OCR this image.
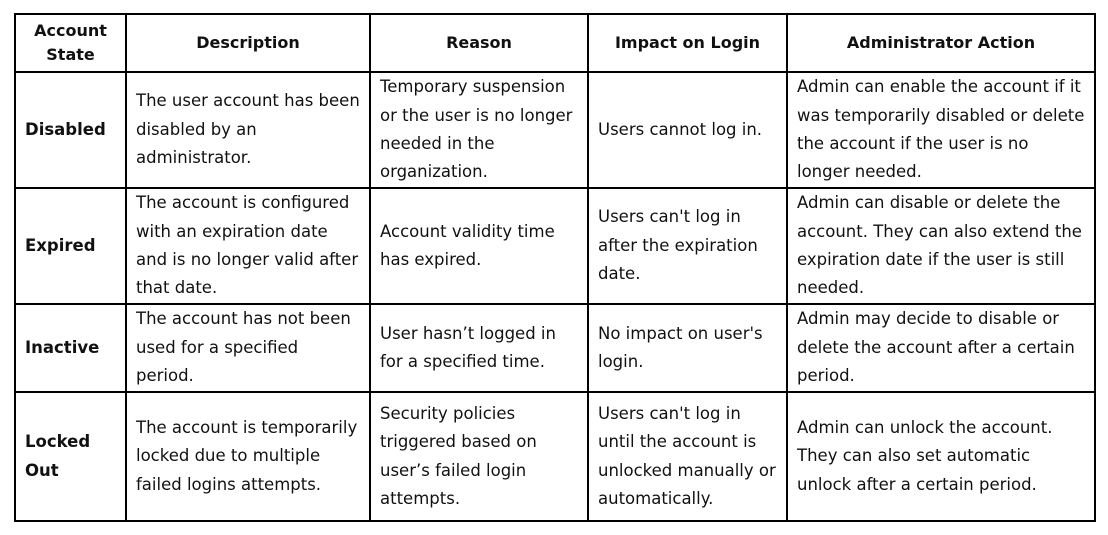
Account State	Description	Reason	Impact on Login	Administrator Action
Disabled	The user account has been disabled by an administrator.	Temporary suspension or the user is no longer needed in the organization.	Users cannot log in.	Admin can enable the account if it was temporarily disabled or delete the account if the user is no longer needed.
Expired	The account is configured with an expiration date and is no longer valid after that date.	Account validity time has expired.	Users can't log in after the expiration date.	Admin can disable or delete the account. They can also extend the expiration date if the user is still needed.
Inactive	The account has not been used for a specified period.	User hasn’t logged in for a specified time.	No impact on user's login.	Admin may decide to disable or delete the account after a certain period.
Locked Out	The account is temporarily locked due to multiple failed logins attempts.	Security policies triggered based on user’s failed login attempts.	Users can't log in until the account is unlocked manually or automatically.	Admin can unlock the account. They can also set automatic unlock after a certain period.
